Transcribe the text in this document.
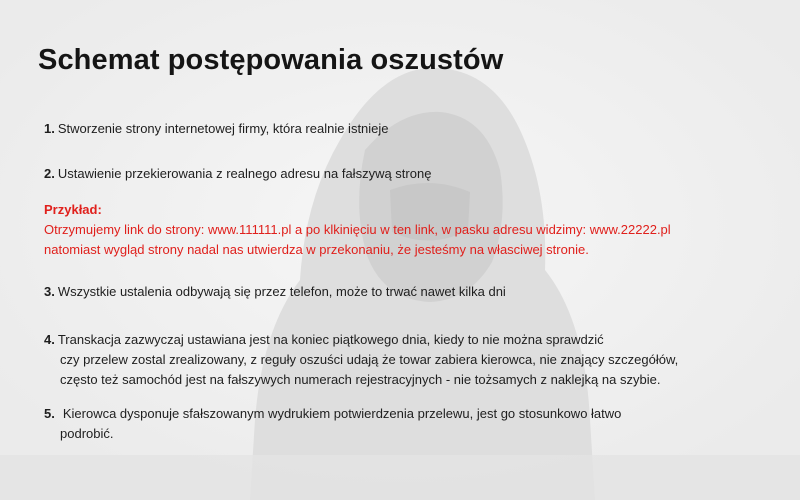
Schemat postępowania oszustów

1. Stworzenie strony internetowej firmy, która realnie istnieje

2. Ustawienie przekierowania z realnego adresu na fałszywą stronę

Przykład:
Otrzymujemy link do strony: www.111111.pl a po klkinięciu w ten link, w pasku adresu widzimy: www.22222.pl
natomiast wygląd strony nadal nas utwierdza w przekonaniu, że jesteśmy na własciwej stronie.

3. Wszystkie ustalenia odbywają się przez telefon, może to trwać nawet kilka dni

4. Transkacja zazwyczaj ustawiana jest na koniec piątkowego dnia, kiedy to nie można sprawdzić
czy przelew zostal zrealizowany, z reguły oszuści udają że towar zabiera kierowca, nie znający szczegółów,
często też samochód jest na fałszywych numerach rejestracyjnych - nie tożsamych z naklejką na szybie.

5. Kierowca dysponuje sfałszowanym wydrukiem potwierdzenia przelewu, jest go stosunkowo łatwo
podrobić.
